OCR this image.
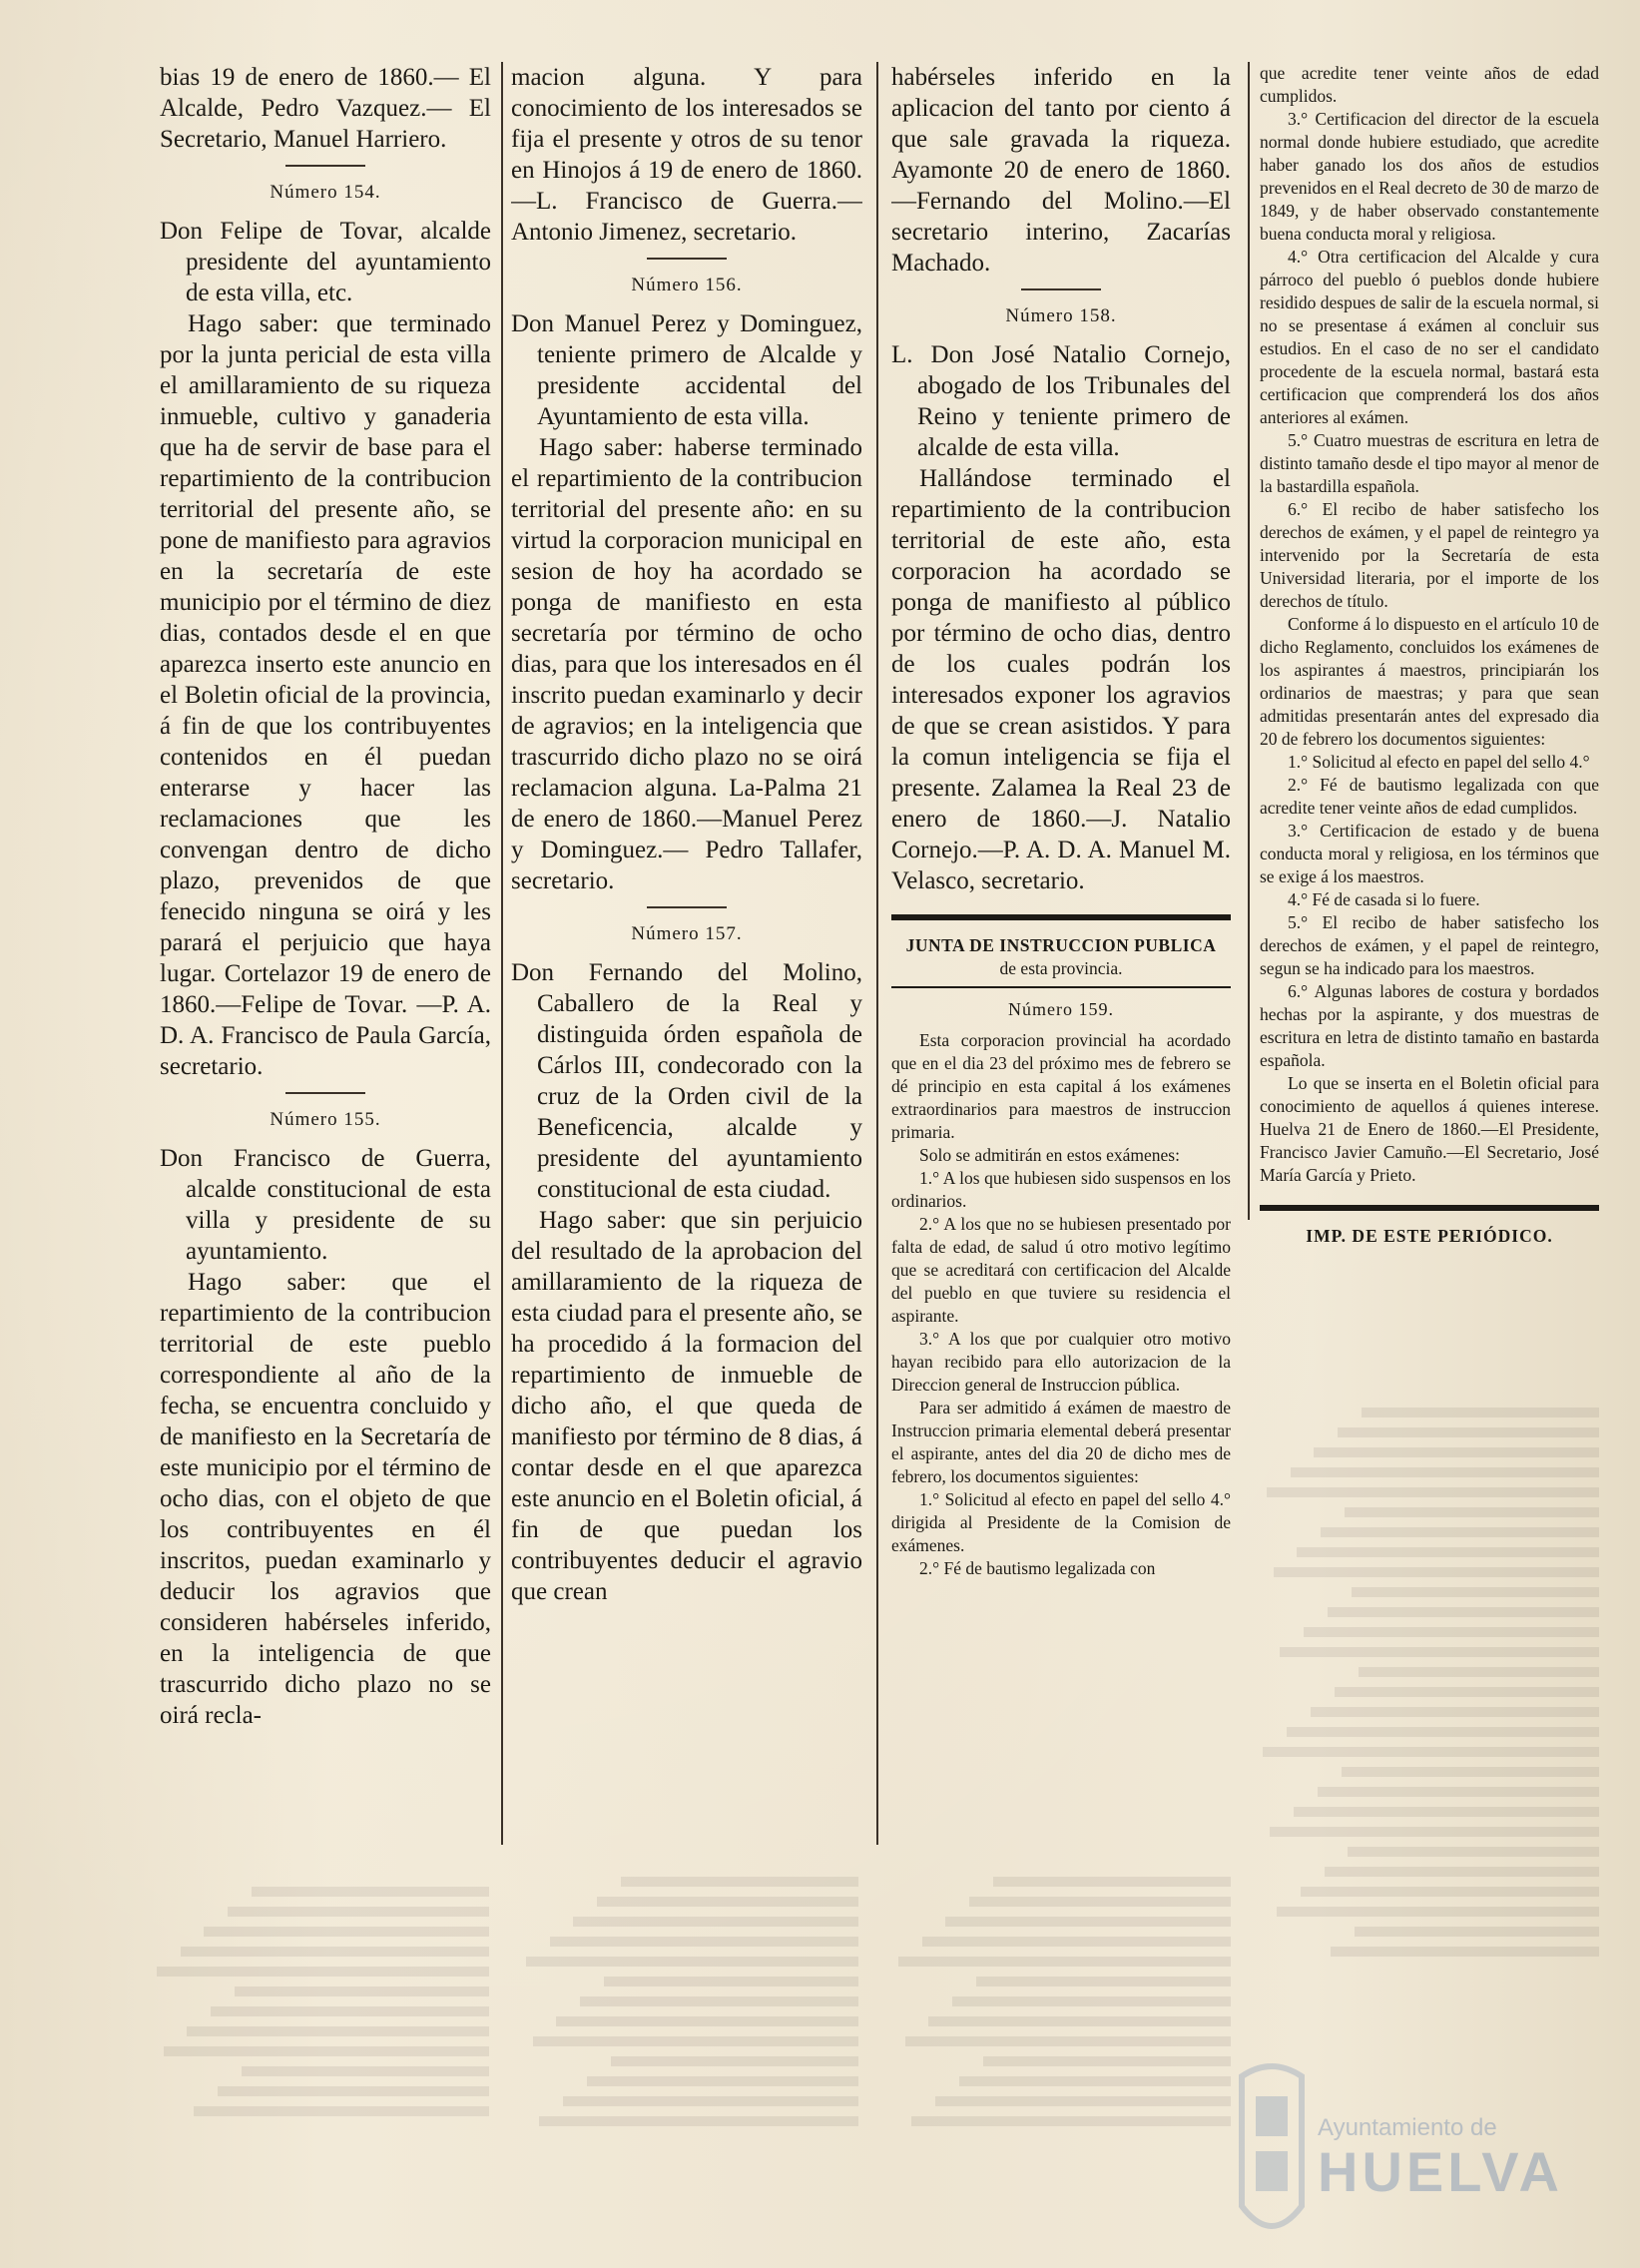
bias 19 de enero de 1860.— El Alcalde, Pedro Vazquez.— El Secretario, Manuel Harriero.

Número 154.

Don Felipe de Tovar, alcalde presidente del ayuntamiento de esta villa, etc.

Hago saber: que terminado por la junta pericial de esta villa el amillaramiento de su riqueza inmueble, cultivo y ganaderia que ha de servir de base para el repartimiento de la contribucion territorial del presente año, se pone de manifiesto para agravios en la secretaría de este municipio por el término de diez dias, contados desde el en que aparezca inserto este anuncio en el Boletin oficial de la provincia, á fin de que los contribuyentes contenidos en él puedan enterarse y hacer las reclamaciones que les convengan dentro de dicho plazo, prevenidos de que fenecido ninguna se oirá y les parará el perjuicio que haya lugar. Cortelazor 19 de enero de 1860.—Felipe de Tovar. —P. A. D. A. Francisco de Paula García, secretario.

Número 155.

Don Francisco de Guerra, alcalde constitucional de esta villa y presidente de su ayuntamiento.

Hago saber: que el repartimiento de la contribucion territorial de este pueblo correspondiente al año de la fecha, se encuentra concluido y de manifiesto en la Secretaría de este municipio por el término de ocho dias, con el objeto de que los contribuyentes en él inscritos, puedan examinarlo y deducir los agravios que consideren habérseles inferido, en la inteligencia de que trascurrido dicho plazo no se oirá recla-

macion alguna. Y para conocimiento de los interesados se fija el presente y otros de su tenor en Hinojos á 19 de enero de 1860.—L. Francisco de Guerra.—Antonio Jimenez, secretario.

Número 156.

Don Manuel Perez y Dominguez, teniente primero de Alcalde y presidente accidental del Ayuntamiento de esta villa.

Hago saber: haberse terminado el repartimiento de la contribucion territorial del presente año: en su virtud la corporacion municipal en sesion de hoy ha acordado se ponga de manifiesto en esta secretaría por término de ocho dias, para que los interesados en él inscrito puedan examinarlo y decir de agravios; en la inteligencia que trascurrido dicho plazo no se oirá reclamacion alguna. La-Palma 21 de enero de 1860.—Manuel Perez y Dominguez.— Pedro Tallafer, secretario.

Número 157.

Don Fernando del Molino, Caballero de la Real y distinguida órden española de Cárlos III, condecorado con la cruz de la Orden civil de la Beneficencia, alcalde y presidente del ayuntamiento constitucional de esta ciudad.

Hago saber: que sin perjuicio del resultado de la aprobacion del amillaramiento de la riqueza de esta ciudad para el presente año, se ha procedido á la formacion del repartimiento de inmueble de dicho año, el que queda de manifiesto por término de 8 dias, á contar desde en el que aparezca este anuncio en el Boletin oficial, á fin de que puedan los contribuyentes deducir el agravio que crean

habérseles inferido en la aplicacion del tanto por ciento á que sale gravada la riqueza. Ayamonte 20 de enero de 1860.—Fernando del Molino.—El secretario interino, Zacarías Machado.

Número 158.

L. Don José Natalio Cornejo, abogado de los Tribunales del Reino y teniente primero de alcalde de esta villa.

Hallándose terminado el repartimiento de la contribucion territorial de este año, esta corporacion ha acordado se ponga de manifiesto al público por término de ocho dias, dentro de los cuales podrán los interesados exponer los agravios de que se crean asistidos. Y para la comun inteligencia se fija el presente. Zalamea la Real 23 de enero de 1860.—J. Natalio Cornejo.—P. A. D. A. Manuel M. Velasco, secretario.

JUNTA DE INSTRUCCION PUBLICA

de esta provincia.

Número 159.

Esta corporacion provincial ha acordado que en el dia 23 del próximo mes de febrero se dé principio en esta capital á los exámenes extraordinarios para maestros de instruccion primaria.

Solo se admitirán en estos exámenes:

1.° A los que hubiesen sido suspensos en los ordinarios.

2.° A los que no se hubiesen presentado por falta de edad, de salud ú otro motivo legítimo que se acreditará con certificacion del Alcalde del pueblo en que tuviere su residencia el aspirante.

3.° A los que por cualquier otro motivo hayan recibido para ello autorizacion de la Direccion general de Instruccion pública.

Para ser admitido á exámen de maestro de Instruccion primaria elemental deberá presentar el aspirante, antes del dia 20 de dicho mes de febrero, los documentos siguientes:

1.° Solicitud al efecto en papel del sello 4.° dirigida al Presidente de la Comision de exámenes.

2.° Fé de bautismo legalizada con

que acredite tener veinte años de edad cumplidos.

3.° Certificacion del director de la escuela normal donde hubiere estudiado, que acredite haber ganado los dos años de estudios prevenidos en el Real decreto de 30 de marzo de 1849, y de haber observado constantemente buena conducta moral y religiosa.

4.° Otra certificacion del Alcalde y cura párroco del pueblo ó pueblos donde hubiere residido despues de salir de la escuela normal, si no se presentase á exámen al concluir sus estudios. En el caso de no ser el candidato procedente de la escuela normal, bastará esta certificacion que comprenderá los dos años anteriores al exámen.

5.° Cuatro muestras de escritura en letra de distinto tamaño desde el tipo mayor al menor de la bastardilla española.

6.° El recibo de haber satisfecho los derechos de exámen, y el papel de reintegro ya intervenido por la Secretaría de esta Universidad literaria, por el importe de los derechos de título.

Conforme á lo dispuesto en el artículo 10 de dicho Reglamento, concluidos los exámenes de los aspirantes á maestros, principiarán los ordinarios de maestras; y para que sean admitidas presentarán antes del expresado dia 20 de febrero los documentos siguientes:

1.° Solicitud al efecto en papel del sello 4.°

2.° Fé de bautismo legalizada con que acredite tener veinte años de edad cumplidos.

3.° Certificacion de estado y de buena conducta moral y religiosa, en los términos que se exige á los maestros.

4.° Fé de casada si lo fuere.

5.° El recibo de haber satisfecho los derechos de exámen, y el papel de reintegro, segun se ha indicado para los maestros.

6.° Algunas labores de costura y bordados hechas por la aspirante, y dos muestras de escritura en letra de distinto tamaño en bastarda española.

Lo que se inserta en el Boletin oficial para conocimiento de aquellos á quienes interese. Huelva 21 de Enero de 1860.—El Presidente, Francisco Javier Camuño.—El Secretario, José María García y Prieto.

IMP. DE ESTE PERIÓDICO.

Ayuntamiento de
HUELVA
